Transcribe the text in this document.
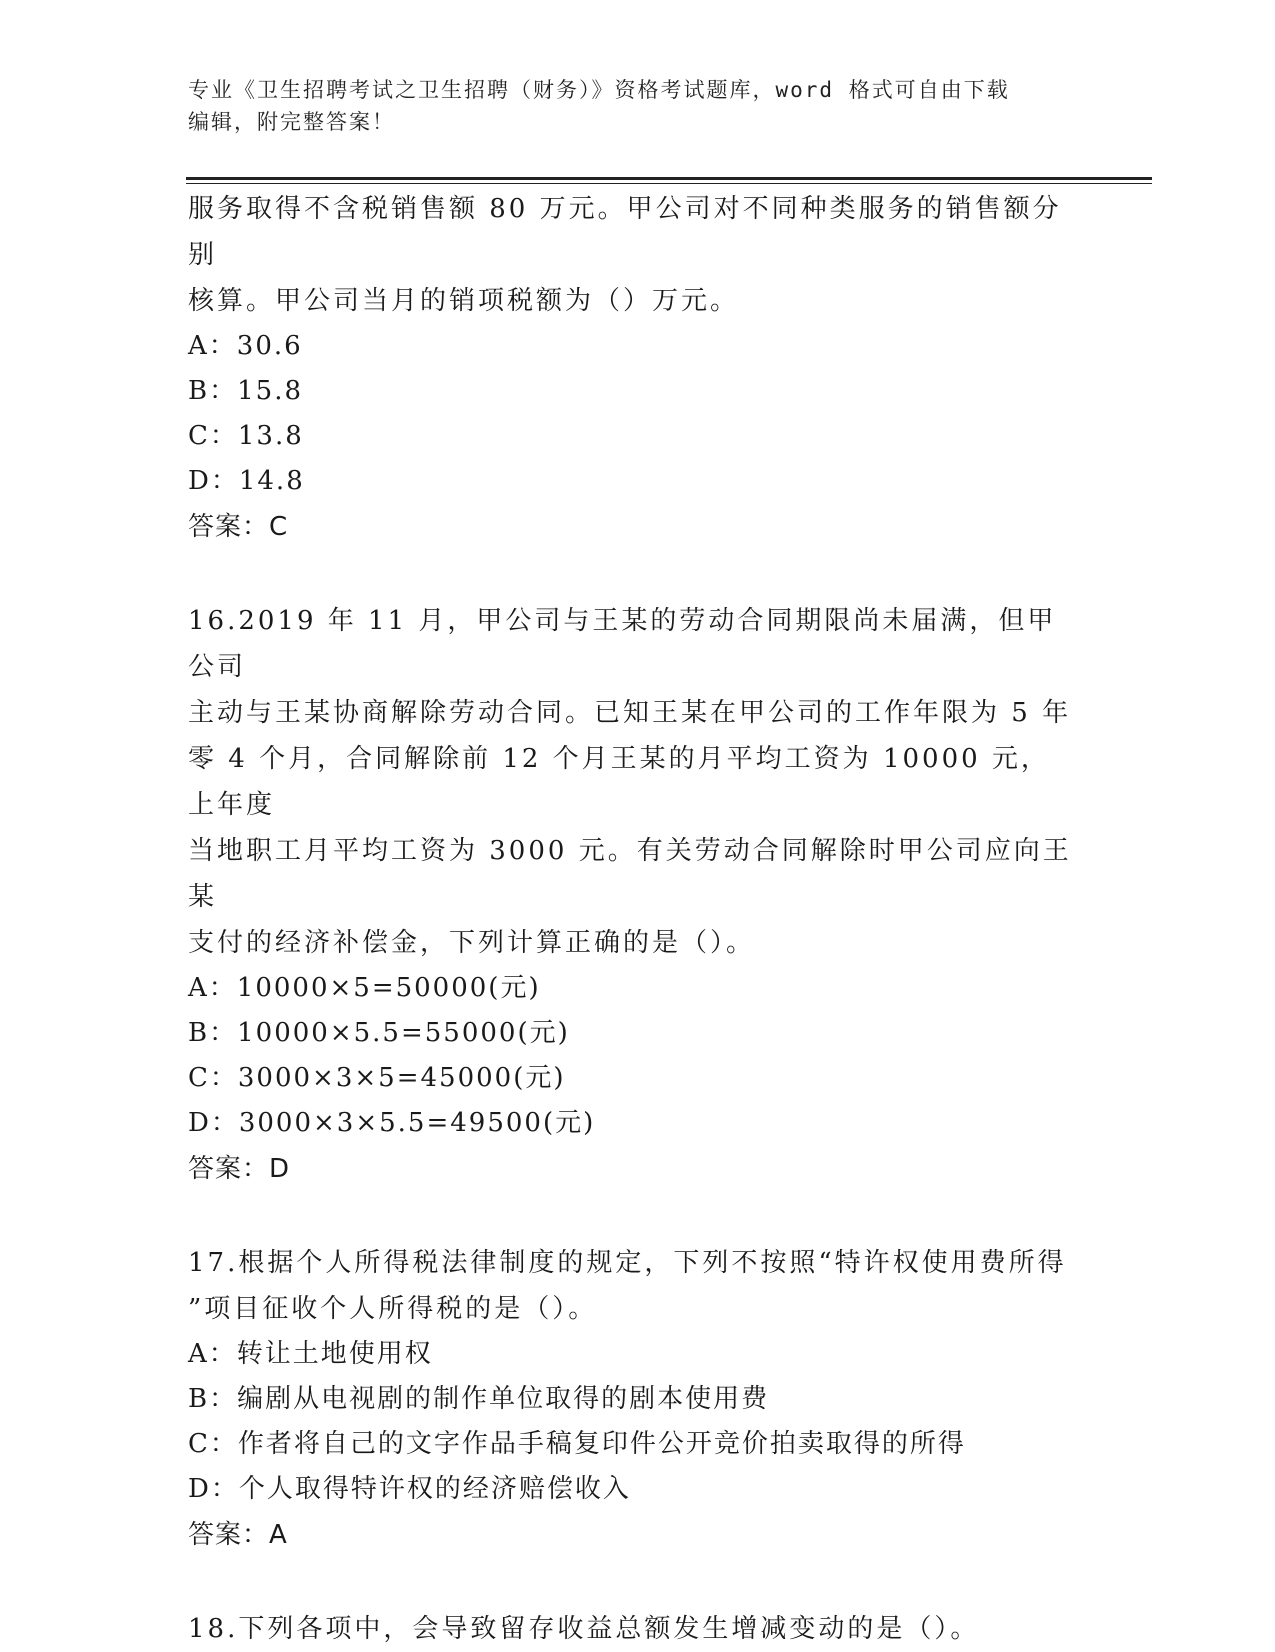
专业《卫生招聘考试之卫生招聘（财务）》资格考试题库，word 格式可自由下载
编辑，附完整答案！

服务取得不含税销售额 80 万元。甲公司对不同种类服务的销售额分别

核算。甲公司当月的销项税额为（）万元。

A：30.6

B：15.8

C：13.8

D：14.8

答案：C

16.2019 年 11 月，甲公司与王某的劳动合同期限尚未届满，但甲公司

主动与王某协商解除劳动合同。已知王某在甲公司的工作年限为 5 年

零 4 个月，合同解除前 12 个月王某的月平均工资为 10000 元，上年度

当地职工月平均工资为 3000 元。有关劳动合同解除时甲公司应向王某

支付的经济补偿金，下列计算正确的是（）。

A：10000×5=50000(元)

B：10000×5.5=55000(元)

C：3000×3×5=45000(元)

D：3000×3×5.5=49500(元)

答案：D

17.根据个人所得税法律制度的规定，下列不按照“特许权使用费所得

”项目征收个人所得税的是（）。

A：转让土地使用权

B：编剧从电视剧的制作单位取得的剧本使用费

C：作者将自己的文字作品手稿复印件公开竞价拍卖取得的所得

D：个人取得特许权的经济赔偿收入

答案：A

18.下列各项中，会导致留存收益总额发生增减变动的是（）。
